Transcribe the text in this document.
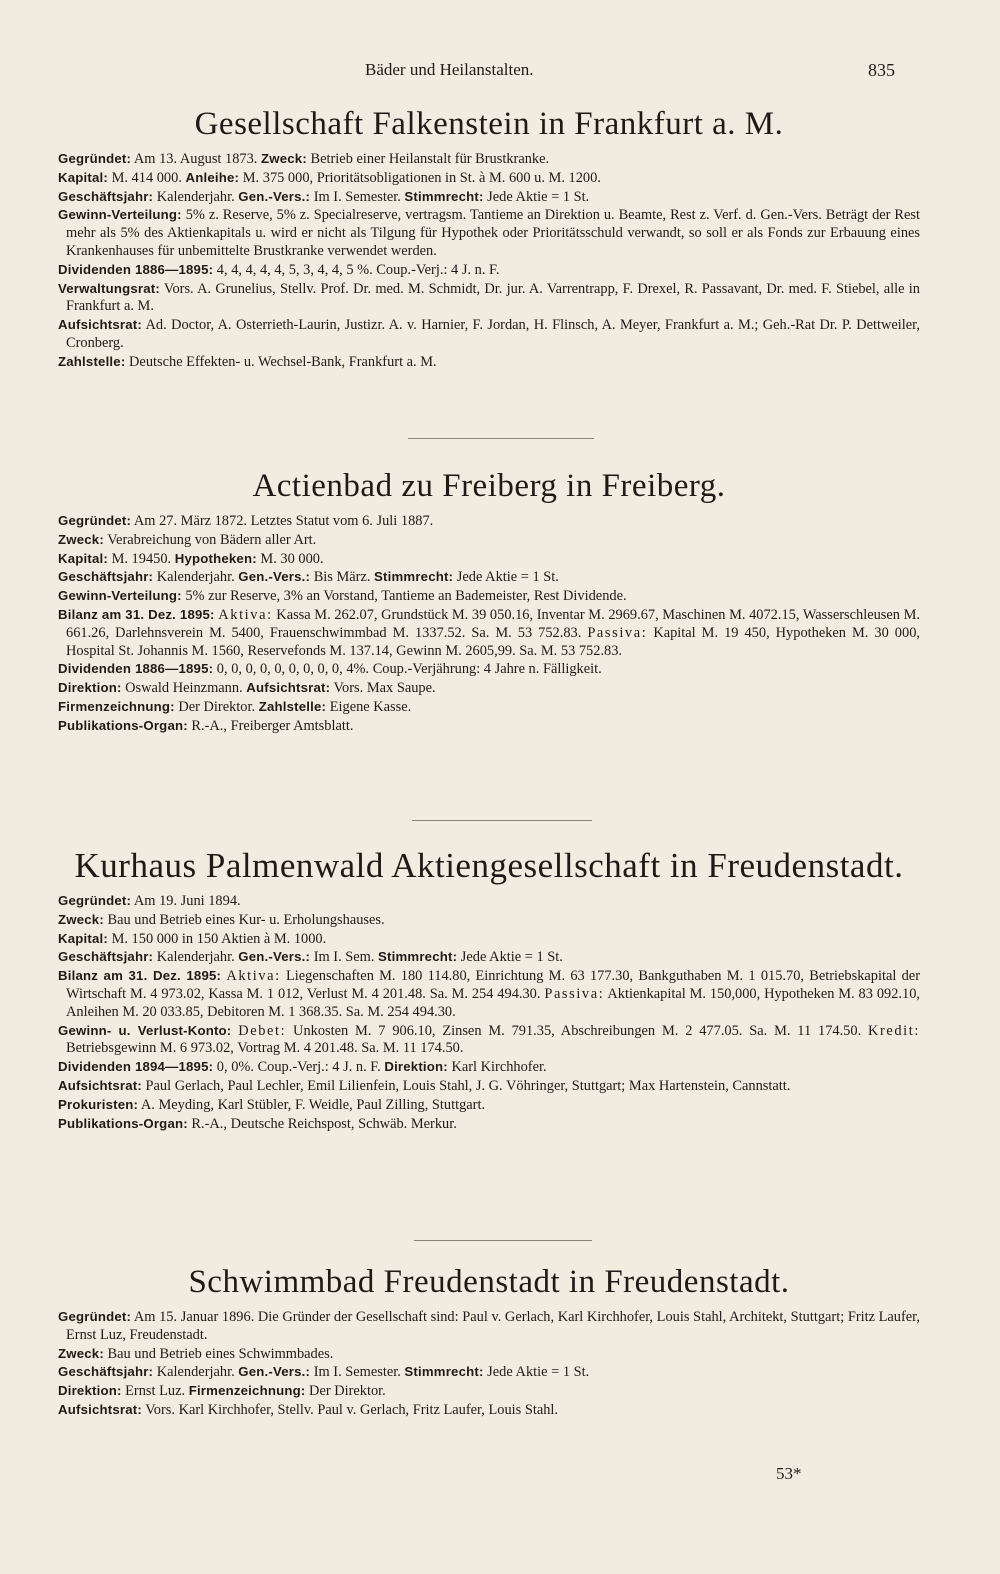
Bäder und Heilanstalten.	835
Gesellschaft Falkenstein in Frankfurt a. M.

Gegründet: Am 13. August 1873. Zweck: Betrieb einer Heilanstalt für Brustkranke.

Kapital: M. 414 000. Anleihe: M. 375 000, Prioritätsobligationen in St. à M. 600 u. M. 1200.

Geschäftsjahr: Kalenderjahr. Gen.-Vers.: Im I. Semester. Stimmrecht: Jede Aktie = 1 St.

Gewinn-Verteilung: 5% z. Reserve, 5% z. Specialreserve, vertragsm. Tantieme an Direktion u. Beamte, Rest z. Verf. d. Gen.-Vers. Beträgt der Rest mehr als 5% des Aktienkapitals u. wird er nicht als Tilgung für Hypothek oder Prioritätsschuld verwandt, so soll er als Fonds zur Erbauung eines Krankenhauses für unbemittelte Brustkranke verwendet werden.

Dividenden 1886—1895: 4, 4, 4, 4, 4, 5, 3, 4, 4, 5 %. Coup.-Verj.: 4 J. n. F.

Verwaltungsrat: Vors. A. Grunelius, Stellv. Prof. Dr. med. M. Schmidt, Dr. jur. A. Varrentrapp, F. Drexel, R. Passavant, Dr. med. F. Stiebel, alle in Frankfurt a. M.

Aufsichtsrat: Ad. Doctor, A. Osterrieth-Laurin, Justizr. A. v. Harnier, F. Jordan, H. Flinsch, A. Meyer, Frankfurt a. M.; Geh.-Rat Dr. P. Dettweiler, Cronberg.

Zahlstelle: Deutsche Effekten- u. Wechsel-Bank, Frankfurt a. M.

Actienbad zu Freiberg in Freiberg.

Gegründet: Am 27. März 1872. Letztes Statut vom 6. Juli 1887.

Zweck: Verabreichung von Bädern aller Art.

Kapital: M. 19450. Hypotheken: M. 30 000.

Geschäftsjahr: Kalenderjahr. Gen.-Vers.: Bis März. Stimmrecht: Jede Aktie = 1 St.

Gewinn-Verteilung: 5% zur Reserve, 3% an Vorstand, Tantieme an Bademeister, Rest Dividende.

Bilanz am 31. Dez. 1895: Aktiva: Kassa M. 262.07, Grundstück M. 39 050.16, Inventar M. 2969.67, Maschinen M. 4072.15, Wasserschleusen M. 661.26, Darlehnsverein M. 5400, Frauenschwimmbad M. 1337.52. Sa. M. 53 752.83. Passiva: Kapital M. 19 450, Hypotheken M. 30 000, Hospital St. Johannis M. 1560, Reservefonds M. 137.14, Gewinn M. 2605,99. Sa. M. 53 752.83.

Dividenden 1886—1895: 0, 0, 0, 0, 0, 0, 0, 0, 0, 4%. Coup.-Verjährung: 4 Jahre n. Fälligkeit.

Direktion: Oswald Heinzmann. Aufsichtsrat: Vors. Max Saupe.

Firmenzeichnung: Der Direktor. Zahlstelle: Eigene Kasse.

Publikations-Organ: R.-A., Freiberger Amtsblatt.

Kurhaus Palmenwald Aktiengesellschaft in Freudenstadt.

Gegründet: Am 19. Juni 1894.

Zweck: Bau und Betrieb eines Kur- u. Erholungshauses.

Kapital: M. 150 000 in 150 Aktien à M. 1000.

Geschäftsjahr: Kalenderjahr. Gen.-Vers.: Im I. Sem. Stimmrecht: Jede Aktie = 1 St.

Bilanz am 31. Dez. 1895: Aktiva: Liegenschaften M. 180 114.80, Einrichtung M. 63 177.30, Bankguthaben M. 1 015.70, Betriebskapital der Wirtschaft M. 4 973.02, Kassa M. 1 012, Verlust M. 4 201.48. Sa. M. 254 494.30. Passiva: Aktienkapital M. 150,000, Hypotheken M. 83 092.10, Anleihen M. 20 033.85, Debitoren M. 1 368.35. Sa. M. 254 494.30.

Gewinn- u. Verlust-Konto: Debet: Unkosten M. 7 906.10, Zinsen M. 791.35, Abschreibungen M. 2 477.05. Sa. M. 11 174.50. Kredit: Betriebsgewinn M. 6 973.02, Vortrag M. 4 201.48. Sa. M. 11 174.50.

Dividenden 1894—1895: 0, 0%. Coup.-Verj.: 4 J. n. F. Direktion: Karl Kirchhofer.

Aufsichtsrat: Paul Gerlach, Paul Lechler, Emil Lilienfein, Louis Stahl, J. G. Vöhringer, Stuttgart; Max Hartenstein, Cannstatt.

Prokuristen: A. Meyding, Karl Stübler, F. Weidle, Paul Zilling, Stuttgart.

Publikations-Organ: R.-A., Deutsche Reichspost, Schwäb. Merkur.

Schwimmbad Freudenstadt in Freudenstadt.

Gegründet: Am 15. Januar 1896. Die Gründer der Gesellschaft sind: Paul v. Gerlach, Karl Kirchhofer, Louis Stahl, Architekt, Stuttgart; Fritz Laufer, Ernst Luz, Freudenstadt.

Zweck: Bau und Betrieb eines Schwimmbades.

Geschäftsjahr: Kalenderjahr. Gen.-Vers.: Im I. Semester. Stimmrecht: Jede Aktie = 1 St.

Direktion: Ernst Luz. Firmenzeichnung: Der Direktor.

Aufsichtsrat: Vors. Karl Kirchhofer, Stellv. Paul v. Gerlach, Fritz Laufer, Louis Stahl.

53*
